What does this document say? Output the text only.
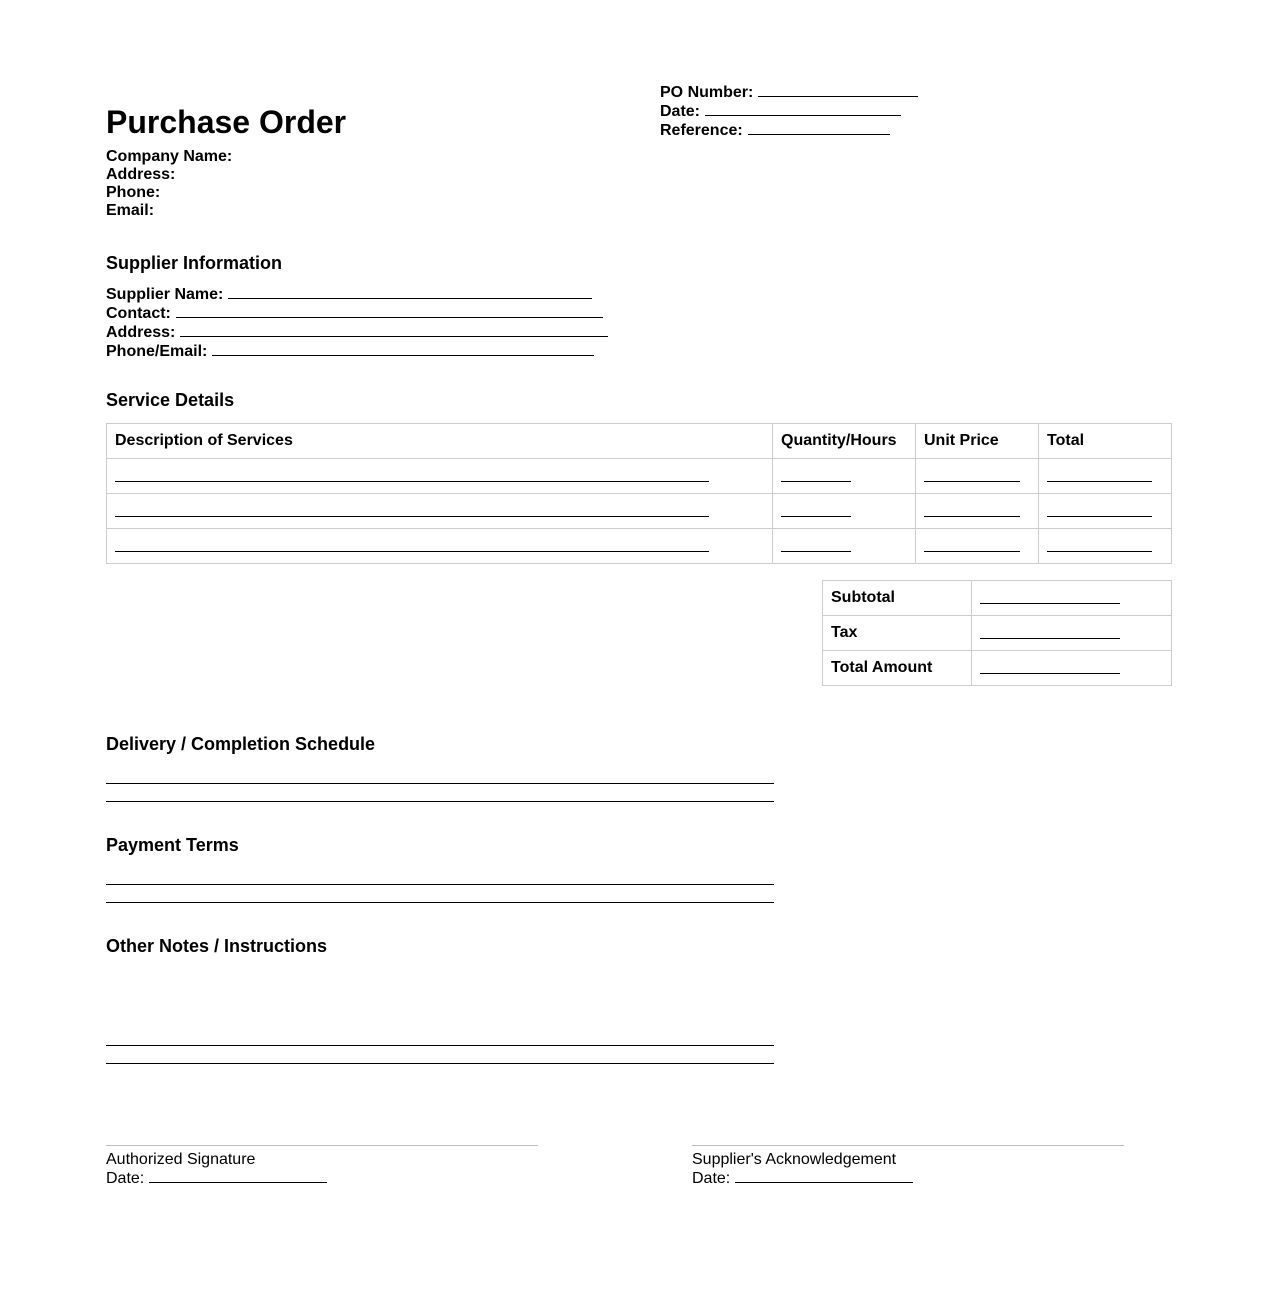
Purchase Order
PO Number:
Date:
Reference:
Company Name:
Address:
Phone:
Email:
Supplier Information
Supplier Name:
Contact:
Address:
Phone/Email:
Service Details
Description of Services	Quantity/Hours	Unit Price	Total

Subtotal	

Tax	

Total Amount	
Delivery / Completion Schedule
Payment Terms
Other Notes / Instructions
Authorized Signature
Date:
Supplier's Acknowledgement
Date:
